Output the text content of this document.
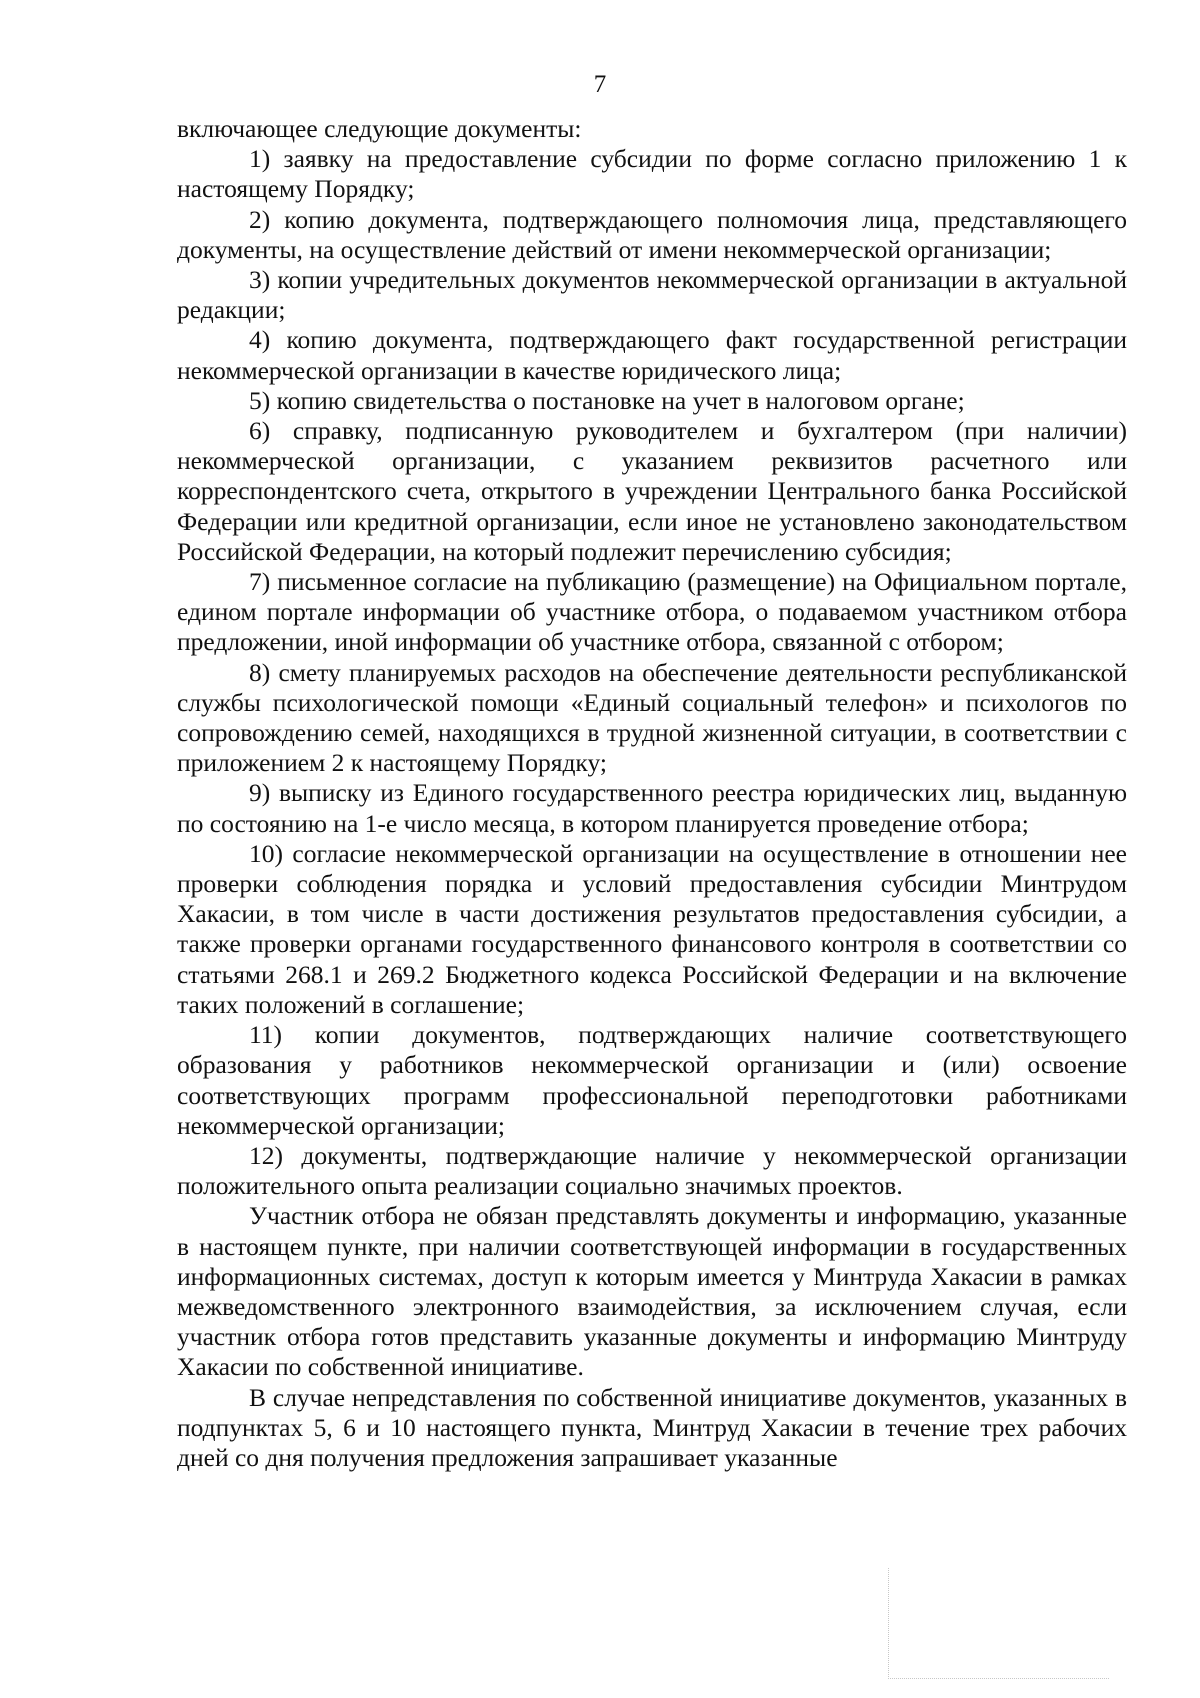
7

включающее следующие документы:

1) заявку на предоставление субсидии по форме согласно приложению 1 к настоящему Порядку;

2) копию документа, подтверждающего полномочия лица, представляющего документы, на осуществление действий от имени некоммерческой организации;

3) копии учредительных документов некоммерческой организации в актуальной редакции;

4) копию документа, подтверждающего факт государственной регистрации некоммерческой организации в качестве юридического лица;

5) копию свидетельства о постановке на учет в налоговом органе;

6) справку, подписанную руководителем и бухгалтером (при наличии) некоммерческой организации, с указанием реквизитов расчетного или корреспондентского счета, открытого в учреждении Центрального банка Российской Федерации или кредитной организации, если иное не установлено законодательством Российской Федерации, на который подлежит перечислению субсидия;

7) письменное согласие на публикацию (размещение) на Официальном портале, едином портале информации об участнике отбора, о подаваемом участником отбора предложении, иной информации об участнике отбора, связанной с отбором;

8) смету планируемых расходов на обеспечение деятельности республиканской службы психологической помощи «Единый социальный телефон» и психологов по сопровождению семей, находящихся в трудной жизненной ситуации, в соответствии с приложением 2 к настоящему Порядку;

9) выписку из Единого государственного реестра юридических лиц, выданную по состоянию на 1-е число месяца, в котором планируется проведение отбора;

10) согласие некоммерческой организации на осуществление в отношении нее проверки соблюдения порядка и условий предоставления субсидии Минтрудом Хакасии, в том числе в части достижения результатов предоставления субсидии, а также проверки органами государственного финансового контроля в соответствии со статьями 268.1 и 269.2 Бюджетного кодекса Российской Федерации и на включение таких положений в соглашение;

11) копии документов, подтверждающих наличие соответствующего образования у работников некоммерческой организации и (или) освоение соответствующих программ профессиональной переподготовки работниками некоммерческой организации;

12) документы, подтверждающие наличие у некоммерческой организации положительного опыта реализации социально значимых проектов.

Участник отбора не обязан представлять документы и информацию, указанные в настоящем пункте, при наличии соответствующей информации в государственных информационных системах, доступ к которым имеется у Минтруда Хакасии в рамках межведомственного электронного взаимодействия, за исключением случая, если участник отбора готов представить указанные документы и информацию Минтруду Хакасии по собственной инициативе.

В случае непредставления по собственной инициативе документов, указанных в подпунктах 5, 6 и 10 настоящего пункта, Минтруд Хакасии в течение трех рабочих дней со дня получения предложения запрашивает указанные
